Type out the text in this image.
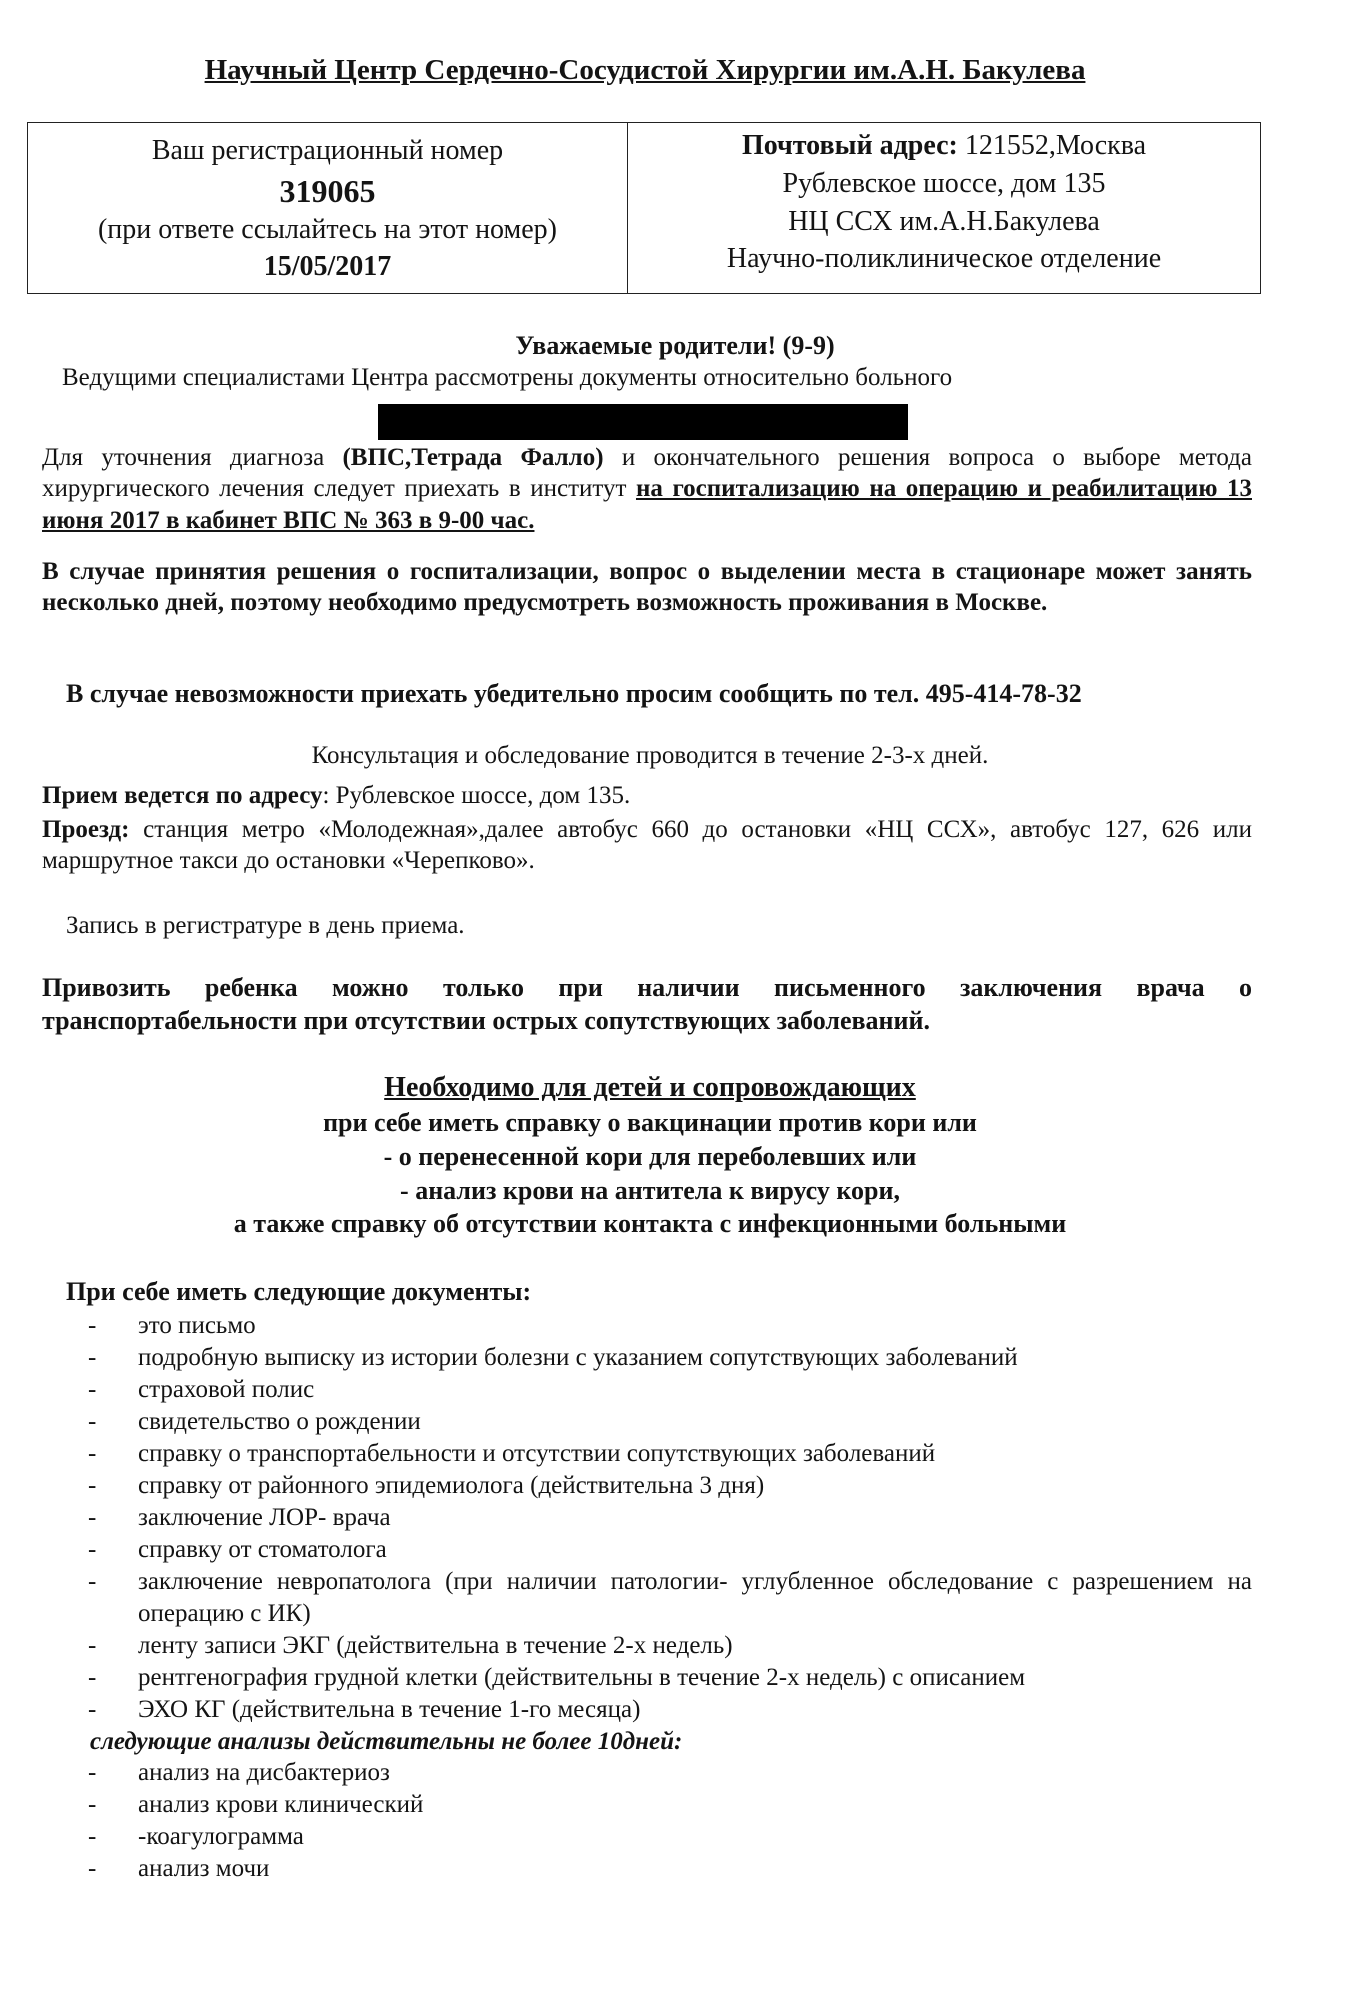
Научный Центр Сердечно-Сосудистой Хирургии им.А.Н. Бакулева
Ваш регистрационный номер
319065
(при ответе ссылайтесь на этот номер)
15/05/2017
Почтовый адрес: 121552,Москва
Рублевское шоссе, дом 135
НЦ ССХ им.А.Н.Бакулева
Научно-поликлиническое отделение
Уважаемые родители! (9-9)
Ведущими специалистами Центра рассмотрены документы относительно больного
Для уточнения диагноза (ВПС,Тетрада Фалло) и окончательного решения вопроса о выборе метода хирургического лечения следует приехать в институт на госпитализацию на операцию и реабилитацию 13 июня 2017 в кабинет ВПС № 363 в 9-00 час.
В случае принятия решения о госпитализации, вопрос о выделении места в стационаре может занять несколько дней, поэтому необходимо предусмотреть возможность проживания в Москве.
В случае невозможности приехать убедительно просим сообщить по тел. 495-414-78-32
Консультация и обследование проводится в течение 2-3-х дней.
Прием ведется по адресу: Рублевское шоссе, дом 135.
Проезд: станция метро «Молодежная»,далее автобус 660 до остановки «НЦ ССХ», автобус 127, 626 или маршрутное такси до остановки «Черепково».
Запись в регистратуре в день приема.
Привозить ребенка можно только при наличии письменного заключения врача о транспортабельности при отсутствии острых сопутствующих заболеваний.
Необходимо для детей и сопровождающих
при себе иметь справку о вакцинации против кори или
- о перенесенной кори для переболевших или
- анализ крови на антитела к вирусу кори,
а также справку об отсутствии контакта с инфекционными больными
При себе иметь следующие документы:
- это письмо
- подробную выписку из истории болезни с указанием сопутствующих заболеваний
- страховой полис
- свидетельство о рождении
- справку о транспортабельности и отсутствии сопутствующих заболеваний
- справку от районного эпидемиолога (действительна 3 дня)
- заключение ЛОР- врача
- справку от стоматолога
- заключение невропатолога (при наличии патологии- углубленное обследование с разрешением на операцию с ИК)
- ленту записи ЭКГ (действительна в течение 2-х недель)
- рентгенография грудной клетки (действительны в течение 2-х недель) с описанием
- ЭХО КГ (действительна в течение 1-го месяца)
следующие анализы действительны не более 10дней:
- анализ на дисбактериоз
- анализ крови клинический
- -коагулограмма
- анализ мочи
